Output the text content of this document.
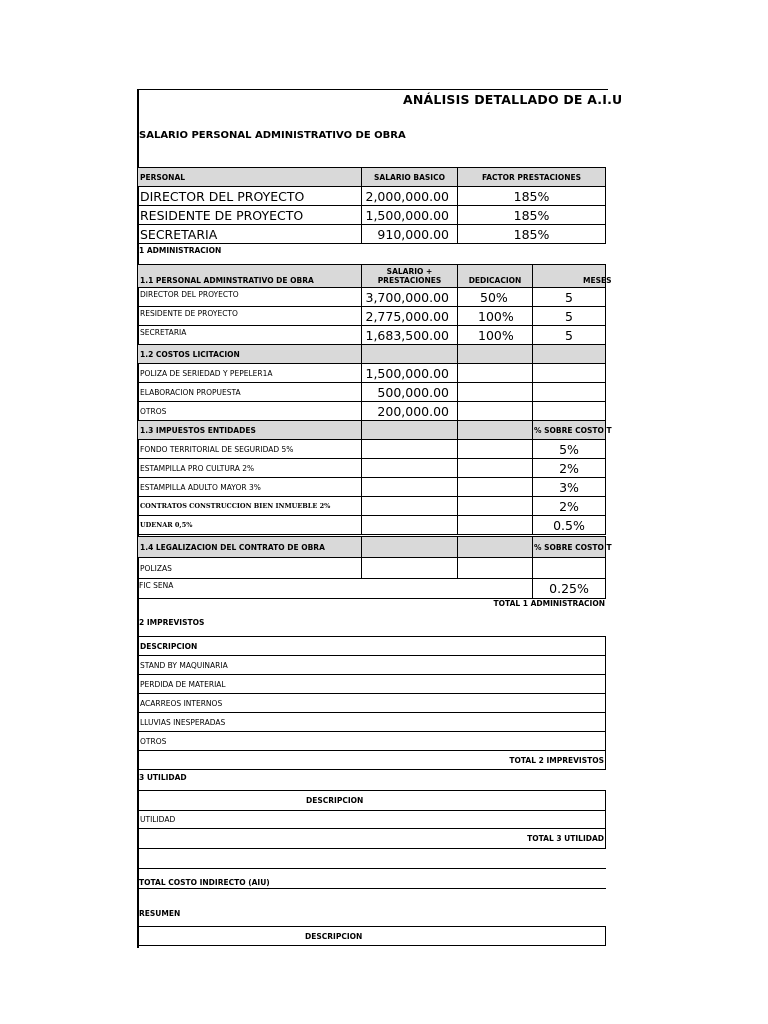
ANÁLISIS DETALLADO DE A.I.U
SALARIO PERSONAL ADMINISTRATIVO DE OBRA
PERSONAL	SALARIO BASICO	FACTOR PRESTACIONES
DIRECTOR DEL PROYECTO	2,000,000.00	185%
RESIDENTE DE PROYECTO	1,500,000.00	185%
SECRETARIA	910,000.00	185%
1 ADMINISTRACION
1.1 PERSONAL ADMINSTRATIVO DE OBRA
SALARIO + PRESTACIONES	DEDICACION	MESES
DIRECTOR DEL PROYECTO	3,700,000.00	50%	5
RESIDENTE DE PROYECTO	2,775,000.00	100%	5
SECRETARIA	1,683,500.00	100%	5
1.2 COSTOS LICITACION
POLIZA DE SERIEDAD Y PEPELER1A	1,500,000.00
ELABORACION PROPUESTA	500,000.00
OTROS	200,000.00
1.3 IMPUESTOS ENTIDADES	% SOBRE COSTO T
FONDO TERRITORIAL DE SEGURIDAD 5%	5%
ESTAMPILLA PRO CULTURA 2%	2%
ESTAMPILLA ADULTO MAYOR 3%	3%
CONTRATOS CONSTRUCCION BIEN INMUEBLE 2%	2%
UDENAR 0,5%	0.5%
1.4 LEGALIZACION DEL CONTRATO DE OBRA	% SOBRE COSTO T
POLIZAS
FIC SENA	0.25%
TOTAL 1 ADMINISTRACION
2 IMPREVISTOS
DESCRIPCION
STAND BY MAQUINARIA
PERDIDA DE MATERIAL
ACARREOS INTERNOS
LLUVIAS INESPERADAS
OTROS
TOTAL 2 IMPREVISTOS
3 UTILIDAD
DESCRIPCION
UTILIDAD
TOTAL 3 UTILIDAD
TOTAL COSTO INDIRECTO (AIU)
RESUMEN
DESCRIPCION
